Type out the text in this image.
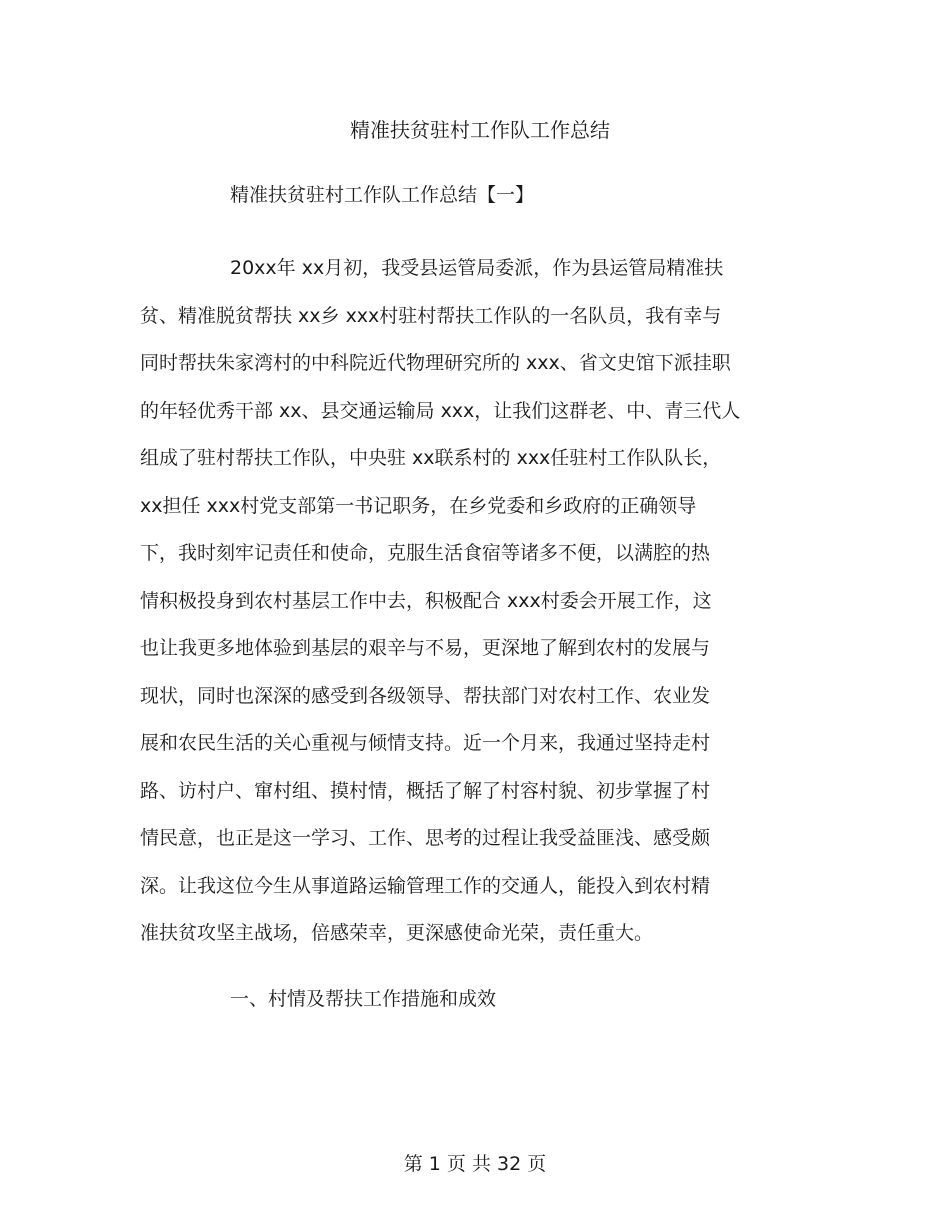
精准扶贫驻村工作队工作总结
精准扶贫驻村工作队工作总结【一】
20xx年 xx月初，我受县运管局委派，作为县运管局精准扶
贫、精准脱贫帮扶 xx乡 xxx村驻村帮扶工作队的一名队员，我有幸与
同时帮扶朱家湾村的中科院近代物理研究所的 xxx、省文史馆下派挂职
的年轻优秀干部 xx、县交通运输局 xxx，让我们这群老、中、青三代人
组成了驻村帮扶工作队，中央驻 xx联系村的 xxx任驻村工作队队长，
xx担任 xxx村党支部第一书记职务，在乡党委和乡政府的正确领导
下，我时刻牢记责任和使命，克服生活食宿等诸多不便，以满腔的热
情积极投身到农村基层工作中去，积极配合 xxx村委会开展工作，这
也让我更多地体验到基层的艰辛与不易，更深地了解到农村的发展与
现状，同时也深深的感受到各级领导、帮扶部门对农村工作、农业发
展和农民生活的关心重视与倾情支持。近一个月来，我通过坚持走村
路、访村户、窜村组、摸村情，概括了解了村容村貌、初步掌握了村
情民意，也正是这一学习、工作、思考的过程让我受益匪浅、感受颇
深。让我这位今生从事道路运输管理工作的交通人，能投入到农村精
准扶贫攻坚主战场，倍感荣幸，更深感使命光荣，责任重大。
一、村情及帮扶工作措施和成效
第 1 页 共 32 页
